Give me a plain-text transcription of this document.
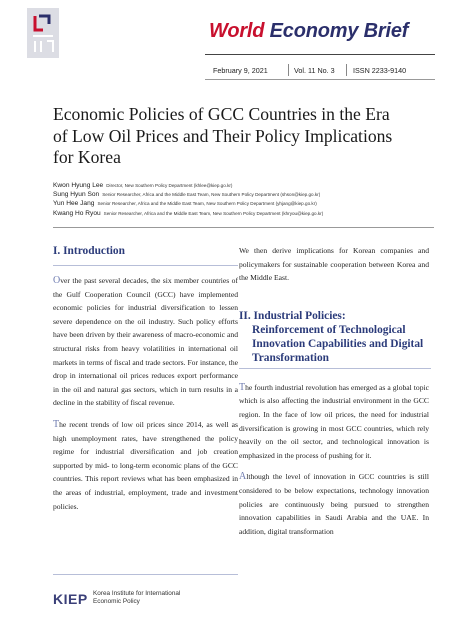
World Economy Brief
February 9, 2021	Vol. 11 No. 3	ISSN 2233-9140
Economic Policies of GCC Countries in the Era of Low Oil Prices and Their Policy Implications for Korea
Kwon Hyung Lee Director, New Southern Policy Department (khlee@kiep.go.kr)
Sung Hyun Son Senior Researcher, Africa and the Middle East Team, New Southern Policy Department (shson@kiep.go.kr)
Yun Hee Jang Senior Researcher, Africa and the Middle East Team, New Southern Policy Department (yhjang@kiep.go.kr)
Kwang Ho Ryou Senior Researcher, Africa and the Middle East Team, New Southern Policy Department (khryou@kiep.go.kr)
I. Introduction

Over the past several decades, the six member countries of the Gulf Cooperation Council (GCC) have implemented economic policies for industrial diversification to lessen severe dependence on the oil industry. Such policy efforts have been driven by their awareness of macro-economic and structural risks from heavy volatilities in international oil markets in terms of fiscal and trade sectors. For instance, the drop in international oil prices reduces export performance in the oil and natural gas sectors, which in turn results in a decline in the stability of fiscal revenue.

The recent trends of low oil prices since 2014, as well as high unemployment rates, have strengthened the policy regime for industrial diversification and job creation supported by mid- to long-term economic plans of the GCC countries. This report reviews what has been emphasized in the areas of industrial, employment, trade and investment policies.

We then derive implications for Korean companies and policymakers for sustainable cooperation between Korea and the Middle East.

II. Industrial Policies:

Reinforcement of Technological Innovation Capabilities and Digital Transformation

The fourth industrial revolution has emerged as a global topic which is also affecting the industrial environment in the GCC region. In the face of low oil prices, the need for industrial diversification is growing in most GCC countries, which rely heavily on the oil sector, and technological innovation is emphasized in the process of pushing for it.

Although the level of innovation in GCC countries is still considered to be below expectations, technology innovation policies are continuously being pursued to strengthen innovation capabilities in Saudi Arabia and the UAE. In addition, digital transformation

KIEP Korea Institute for International
Economic Policy
1
